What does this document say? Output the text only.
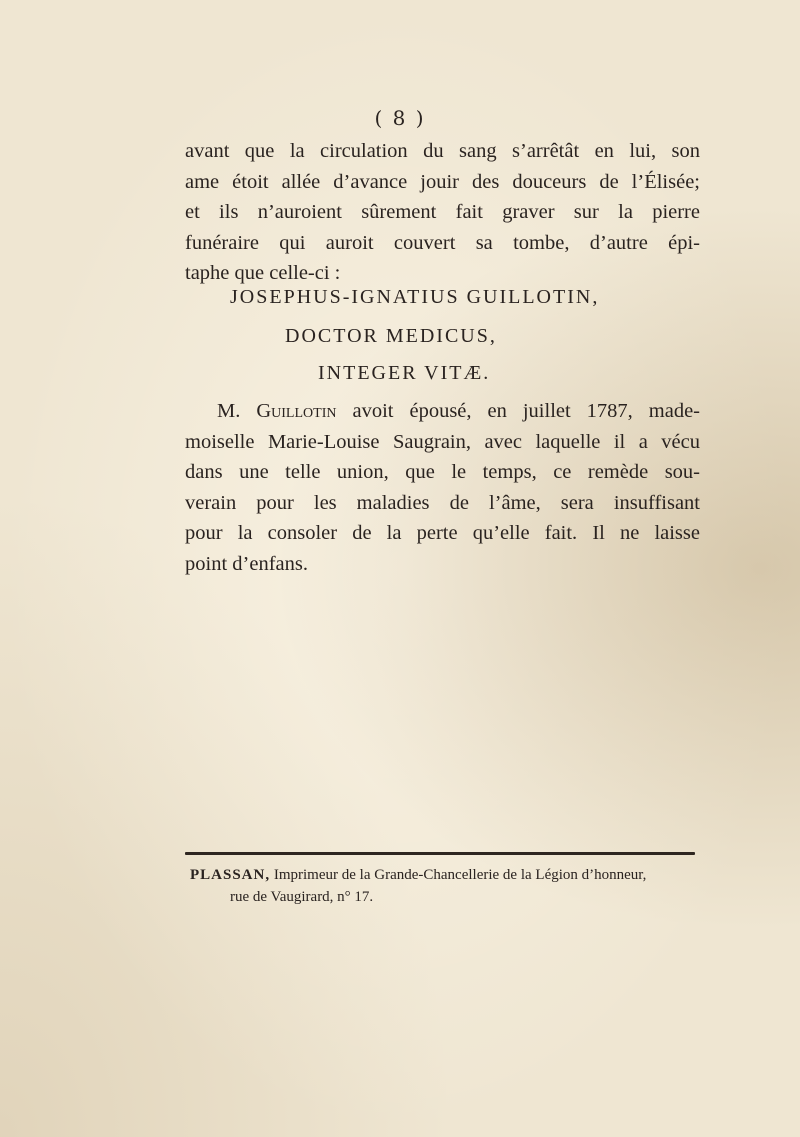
( 8 )
avant que la circulation du sang s’arrêtât en lui, son
ame étoit allée d’avance jouir des douceurs de l’Élisée;
et ils n’auroient sûrement fait graver sur la pierre
funéraire qui auroit couvert sa tombe, d’autre épi-
taphe que celle-ci :
JOSEPHUS-IGNATIUS GUILLOTIN,
DOCTOR MEDICUS,
INTEGER VITÆ.
M. Guillotin avoit épousé, en juillet 1787, made-
moiselle Marie-Louise Saugrain, avec laquelle il a vécu
dans une telle union, que le temps, ce remède sou-
verain pour les maladies de l’âme, sera insuffisant
pour la consoler de la perte qu’elle fait. Il ne laisse
point d’enfans.
PLASSAN, Imprimeur de la Grande-Chancellerie de la Légion d’honneur,
rue de Vaugirard, n° 17.
